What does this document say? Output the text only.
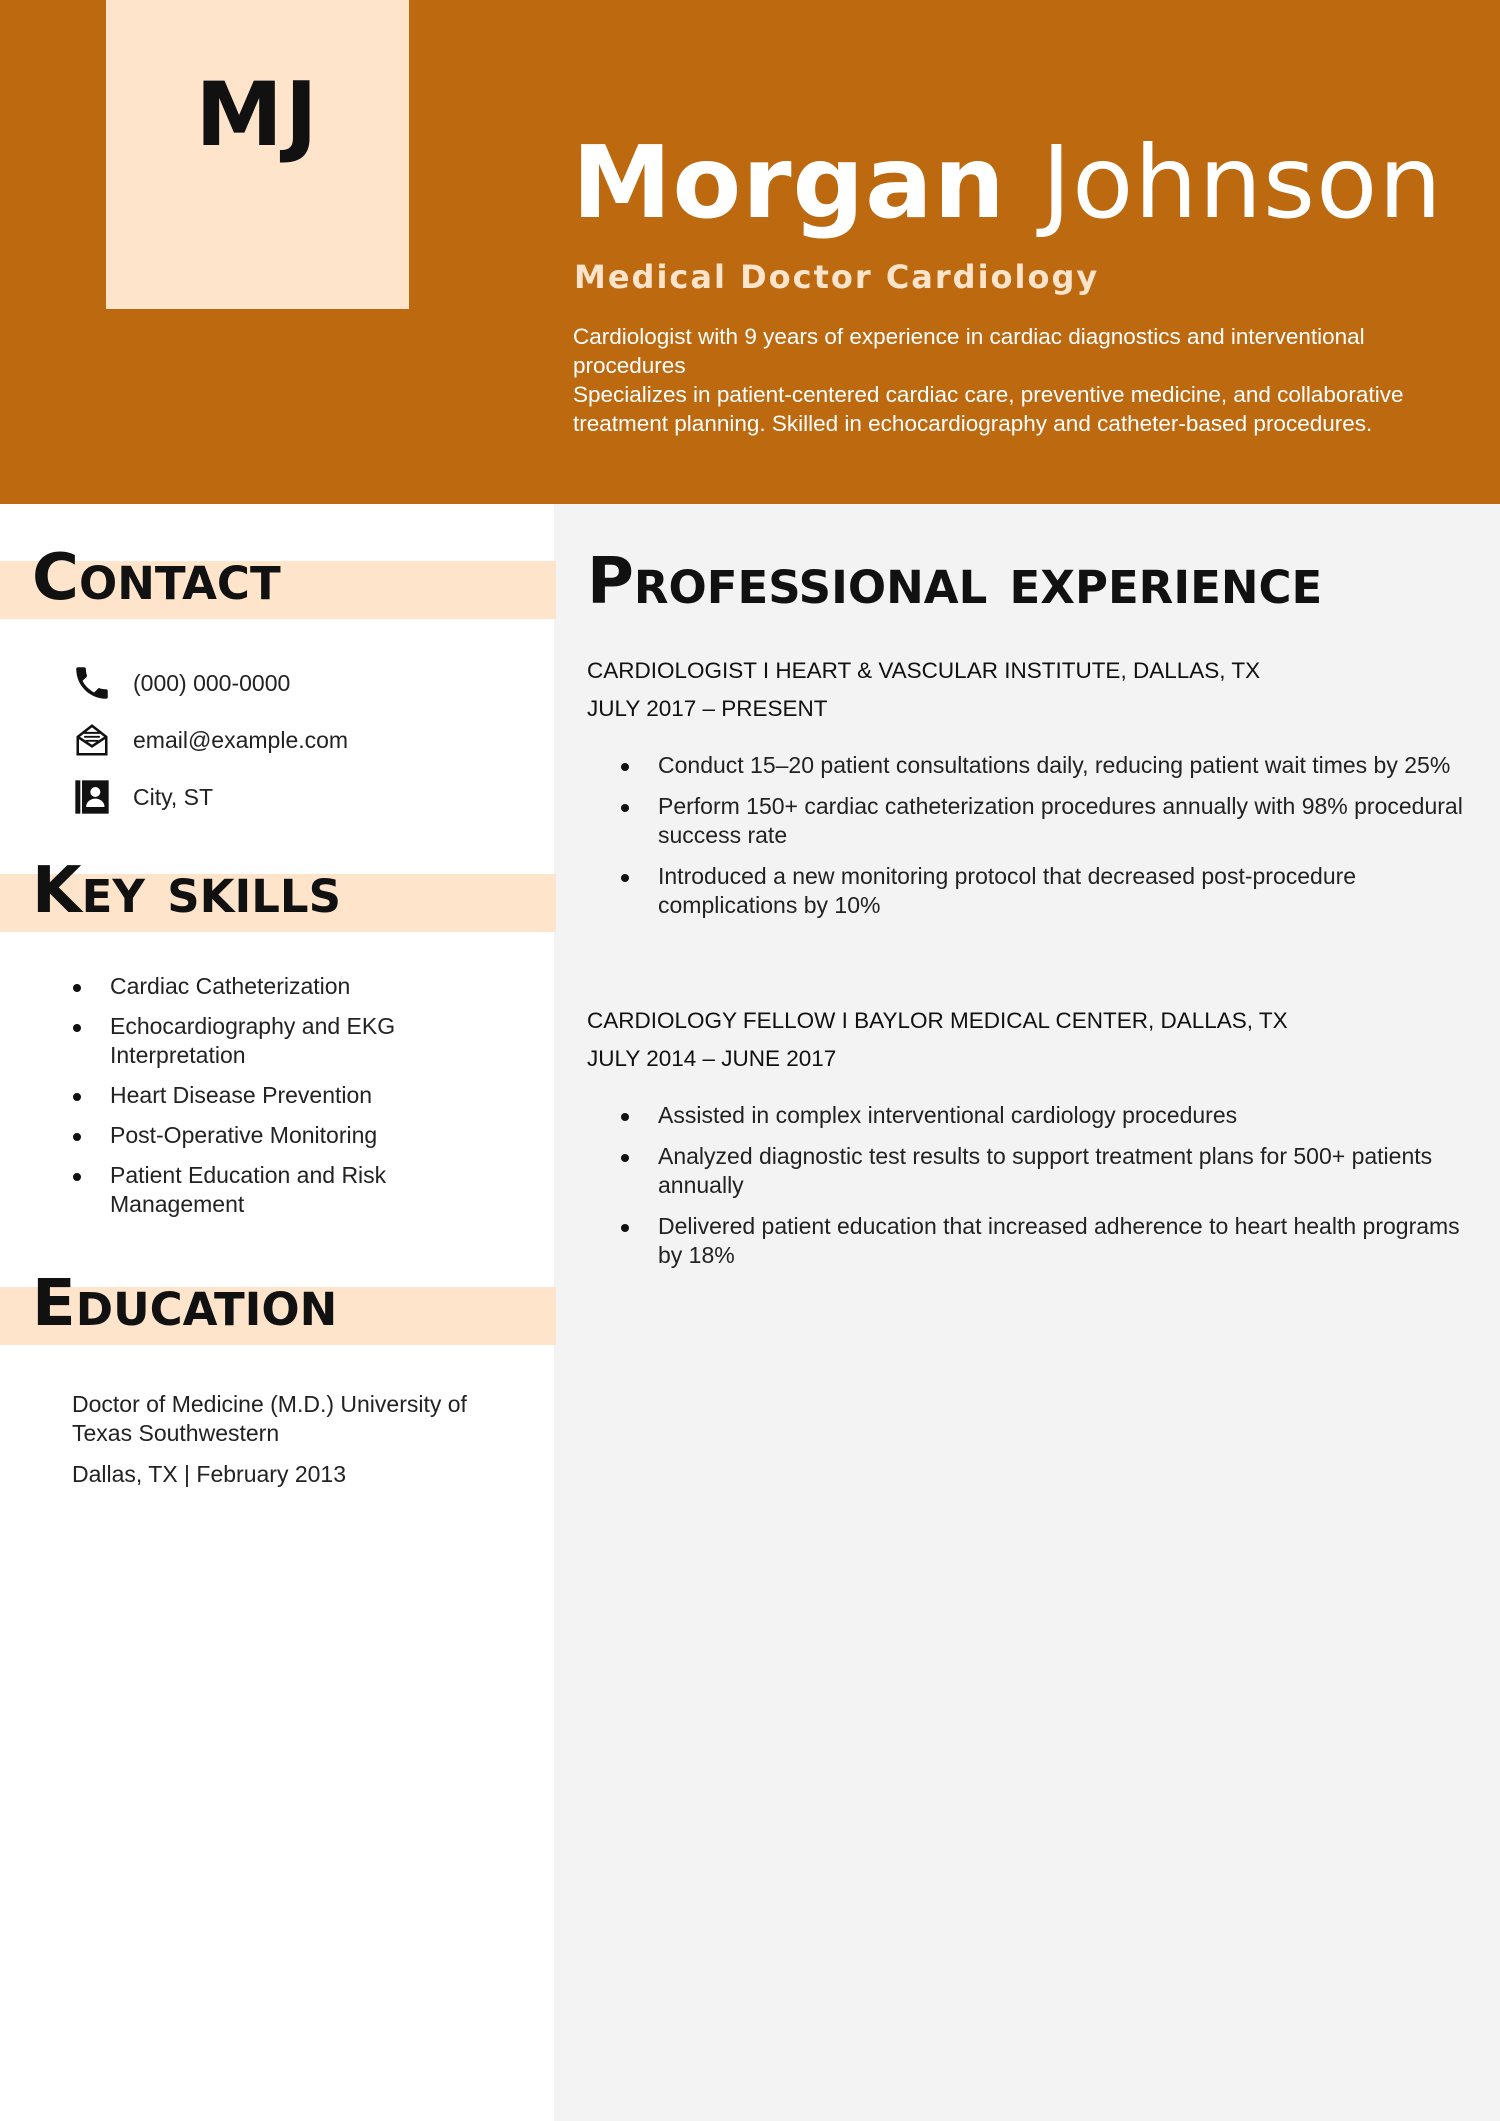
MJ
Morgan Johnson
Medical Doctor Cardiology

Cardiologist with 9 years of experience in cardiac diagnostics and interventional procedures

Specializes in patient-centered cardiac care, preventive medicine, and collaborative treatment planning. Skilled in echocardiography and catheter-based procedures.

Contact
(000) 000-0000
email@example.com
City, ST
Key skills
Cardiac Catheterization
Echocardiography and EKG Interpretation
Heart Disease Prevention
Post-Operative Monitoring
Patient Education and Risk Management
Education

Doctor of Medicine (M.D.) University of Texas Southwestern

Dallas, TX | February 2013

Professional experience
CARDIOLOGIST I HEART & VASCULAR INSTITUTE, DALLAS, TX
JULY 2017 – PRESENT
Conduct 15–20 patient consultations daily, reducing patient wait times by 25%
Perform 150+ cardiac catheterization procedures annually with 98% procedural success rate
Introduced a new monitoring protocol that decreased post-procedure complications by 10%
CARDIOLOGY FELLOW I BAYLOR MEDICAL CENTER, DALLAS, TX
JULY 2014 – JUNE 2017
Assisted in complex interventional cardiology procedures
Analyzed diagnostic test results to support treatment plans for 500+ patients annually
Delivered patient education that increased adherence to heart health programs by 18%
